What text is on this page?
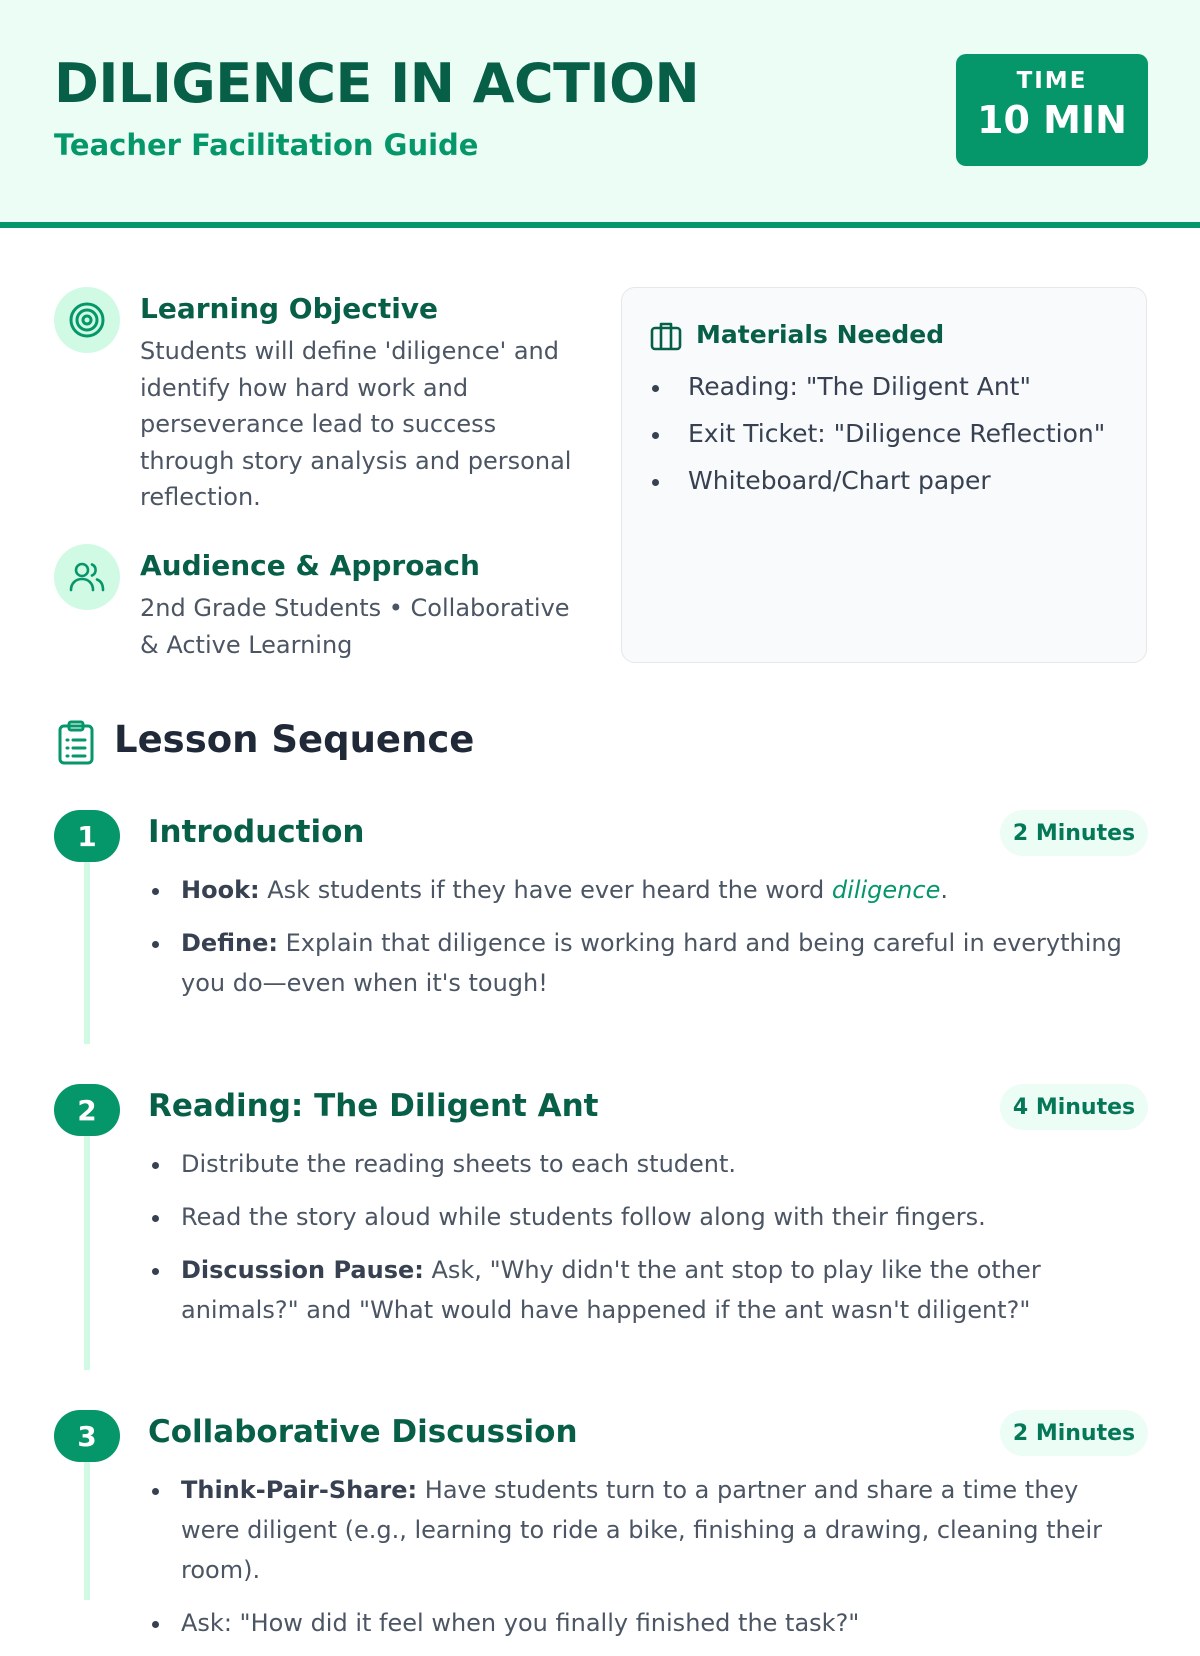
DILIGENCE IN ACTION
Teacher Facilitation Guide
TIME
10 MIN
Learning Objective
Students will define 'diligence' and identify how hard work and perseverance lead to success through story analysis and personal reflection.
Audience & Approach
2nd Grade Students • Collaborative & Active Learning
Materials Needed
Reading: "The Diligent Ant"
Exit Ticket: "Diligence Reflection"
Whiteboard/Chart paper
Lesson Sequence
1	Introduction	2 Minutes
Hook: Ask students if they have ever heard the word diligence.
Define: Explain that diligence is working hard and being careful in everything you do—even when it's tough!
2	Reading: The Diligent Ant	4 Minutes
Distribute the reading sheets to each student.
Read the story aloud while students follow along with their fingers.
Discussion Pause: Ask, "Why didn't the ant stop to play like the other animals?" and "What would have happened if the ant wasn't diligent?"
3	Collaborative Discussion	2 Minutes
Think-Pair-Share: Have students turn to a partner and share a time they were diligent (e.g., learning to ride a bike, finishing a drawing, cleaning their room).
Ask: "How did it feel when you finally finished the task?"
